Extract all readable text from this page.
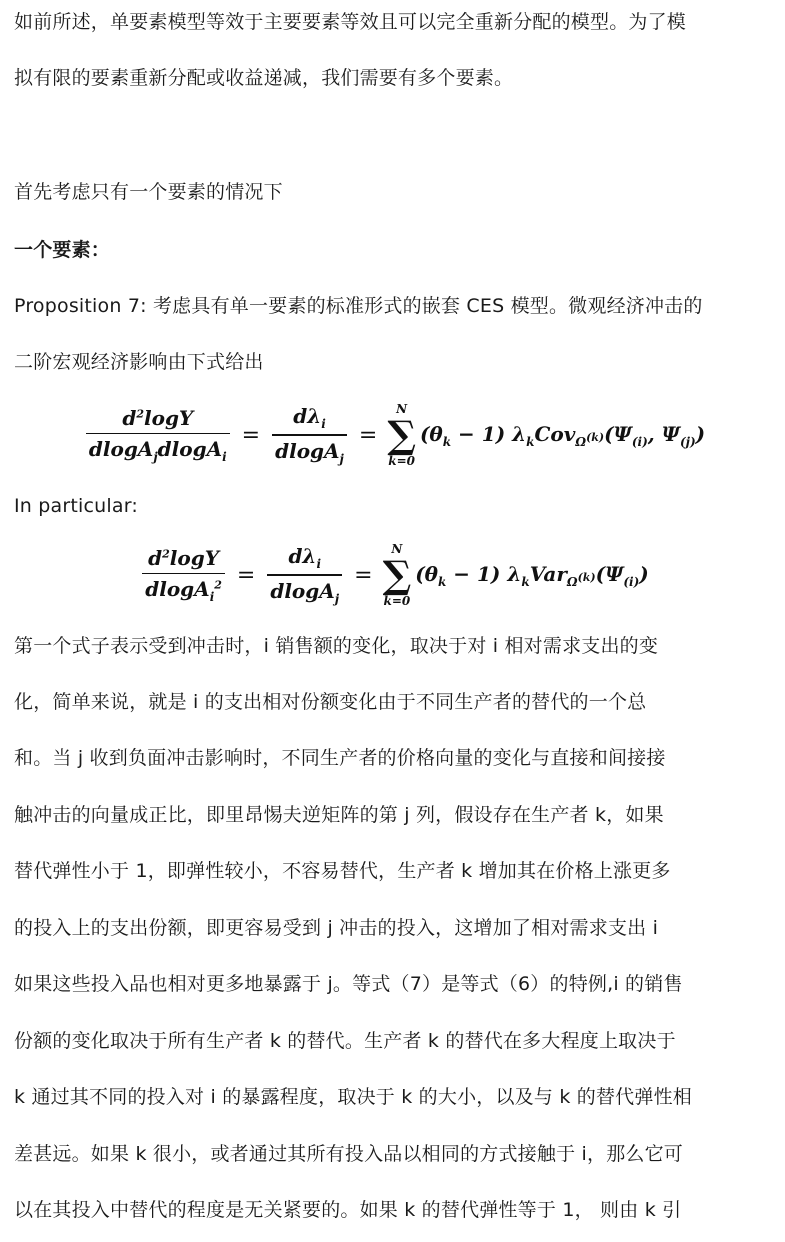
如前所述，单要素模型等效于主要要素等效且可以完全重新分配的模型。为了模
拟有限的要素重新分配或收益递减，我们需要有多个要素。
首先考虑只有一个要素的情况下
一个要素：
Proposition 7: 考虑具有单一要素的标准形式的嵌套 CES 模型。微观经济冲击的
二阶宏观经济影响由下式给出
$\frac{d^2\log Y}{dlogA_jdlogA_i} = \frac{d\lambda_i}{dlogA_j}$ =
N
∑
k=0
$(\theta_k - 1)$ $\lambda_kCov_{\Omega^{(k)}}(\Psi_{(i)}$, $\Psi_{(j)}$)
In particular:
$\frac{d^2\log Y}{dlogA_i^2} = \frac{d\lambda_i}{dlogA_j}$ =
N
∑
k=0
$(\theta_k - 1)$ $\lambda_kVar_{\Omega^{(k)}}(\Psi_{(i)})$
第一个式子表示受到冲击时，i 销售额的变化，取决于对 i 相对需求支出的变
化，简单来说，就是 i 的支出相对份额变化由于不同生产者的替代的一个总
和。当 j 收到负面冲击影响时，不同生产者的价格向量的变化与直接和间接接
触冲击的向量成正比，即里昂惕夫逆矩阵的第 j 列，假设存在生产者 k，如果
替代弹性小于 1，即弹性较小，不容易替代，生产者 k 增加其在价格上涨更多
的投入上的支出份额，即更容易受到 j 冲击的投入，这增加了相对需求支出 i
如果这些投入品也相对更多地暴露于 j。等式（7）是等式（6）的特例,i 的销售
份额的变化取决于所有生产者 k 的替代。生产者 k 的替代在多大程度上取决于
k 通过其不同的投入对 i 的暴露程度，取决于 k 的大小，以及与 k 的替代弹性相
差甚远。如果 k 很小，或者通过其所有投入品以相同的方式接触于 i，那么它可
以在其投入中替代的程度是无关紧要的。如果 k 的替代弹性等于 1， 则由 k 引
